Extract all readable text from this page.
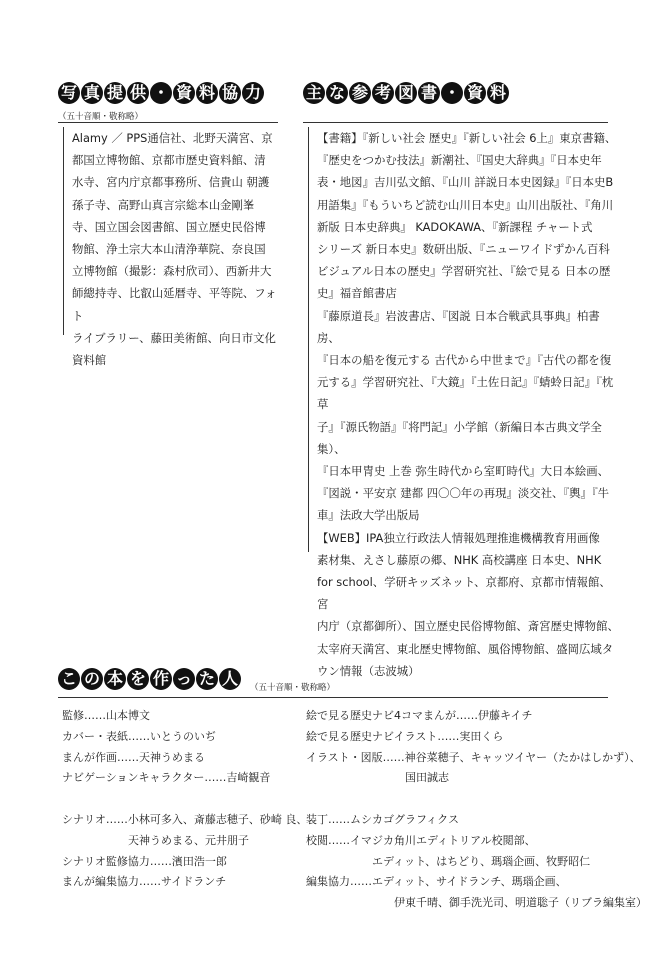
写 真 提 供 ・ 資 料 協 力
（五十音順・敬称略）

Alamy ／ PPS通信社、北野天満宮、京

都国立博物館、京都市歴史資料館、清

水寺、宮内庁京都事務所、信貴山 朝護

孫子寺、高野山真言宗総本山金剛峯

寺、国立国会図書館、国立歴史民俗博

物館、浄土宗大本山清浄華院、奈良国

立博物館（撮影：森村欣司）、西新井大

師總持寺、比叡山延暦寺、平等院、フォト

ライブラリー、藤田美術館、向日市文化

資料館

主 な 参 考 図 書 ・ 資 料

【書籍】『新しい社会 歴史』『新しい社会 6上』東京書籍、

『歴史をつかむ技法』新潮社、『国史大辞典』『日本史年

表・地図』吉川弘文館、『山川 詳説日本史図録』『日本史B

用語集』『もういちど読む山川日本史』山川出版社、『角川

新版 日本史辞典』 KADOKAWA、『新課程 チャート式

シリーズ 新日本史』数研出版、『ニューワイドずかん百科

ビジュアル日本の歴史』学習研究社、『絵で見る 日本の歴

史』福音館書店

『藤原道長』岩波書店、『図説 日本合戦武具事典』柏書房、

『日本の船を復元する 古代から中世まで』『古代の都を復

元する』学習研究社、『大鏡』『土佐日記』『蜻蛉日記』『枕草

子』『源氏物語』『将門記』小学館（新編日本古典文学全集）、

『日本甲冑史 上巻 弥生時代から室町時代』大日本絵画、

『図説・平安京 建都 四〇〇年の再現』淡交社、『輿』『牛

車』法政大学出版局

【WEB】IPA独立行政法人情報処理推進機構教育用画像

素材集、えさし藤原の郷、NHK 高校講座 日本史、NHK

for school、学研キッズネット、京都府、京都市情報館、宮

内庁（京都御所）、国立歴史民俗博物館、斎宮歴史博物館、

太宰府天満宮、東北歴史博物館、風俗博物館、盛岡広域タ

ウン情報（志波城）

こ の 本 を 作 っ た 人	（五十音順・敬称略）
監修……山本博文
カバー・表紙……いとうのいぢ
まんが作画……天神うめまる
ナビゲーションキャラクター……吉崎観音
シナリオ……小林可多入、斎藤志穂子、砂崎 良、
　　　　　　天神うめまる、元井朋子
シナリオ監修協力……濱田浩一郎
まんが編集協力……サイドランチ
絵で見る歴史ナビ4コマまんが……伊藤キイチ
絵で見る歴史ナビイラスト……実田くら
イラスト・図版……神谷菜穂子、キャッツイヤー（たかはしかず）、
　　　　　　　　　国田誠志
装丁……ムシカゴグラフィクス
校閲……イマジカ角川エディトリアル校閲部、
　　　　　　エディット、はちどり、瑪瑙企画、牧野昭仁
編集協力……エディット、サイドランチ、瑪瑙企画、
　　　　　　　　伊東千晴、御手洗光司、明道聡子（リブラ編集室）
